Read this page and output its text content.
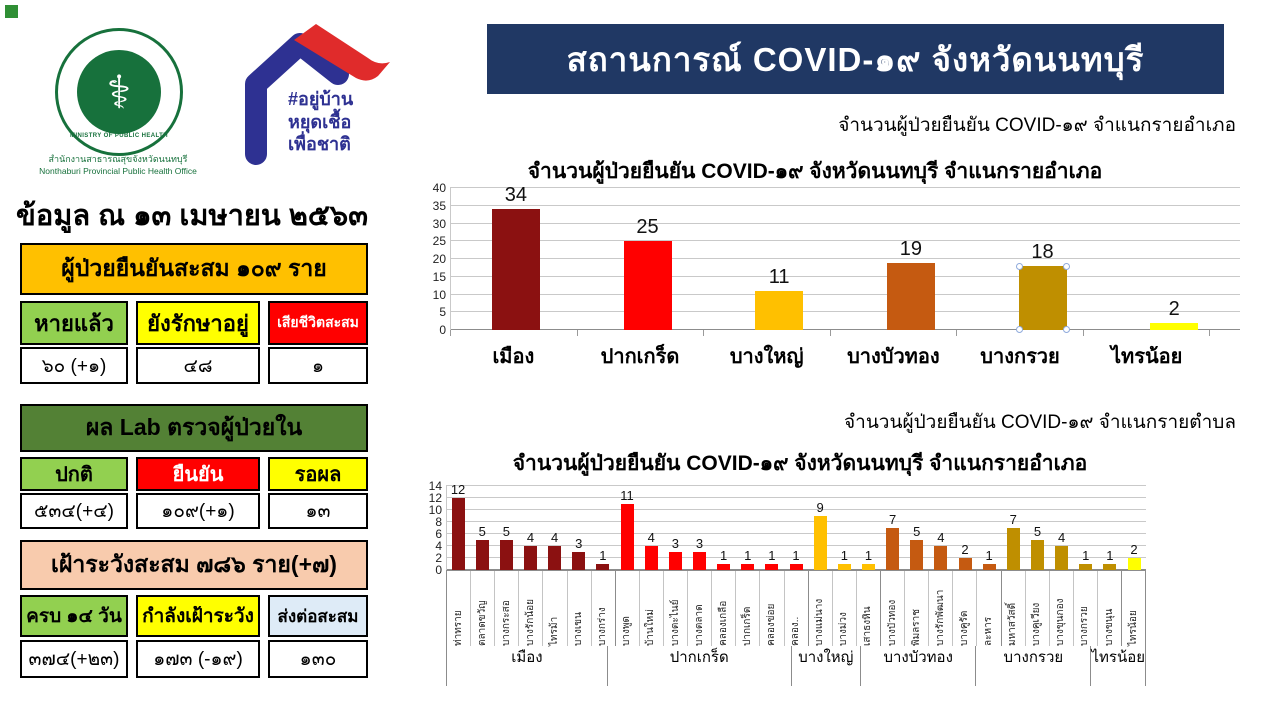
⚕
MINISTRY OF PUBLIC HEALTH
สำนักงานสาธารณสุขจังหวัดนนทบุรี
Nonthaburi Provincial Public Health Office
#อยู่บ้าน
หยุดเชื้อ
เพื่อชาติ
ข้อมูล ณ ๑๓ เมษายน ๒๕๖๓
ผู้ป่วยยืนยันสะสม ๑๐๙ ราย
หายแล้ว	ยังรักษาอยู่	เสียชีวิตสะสม
๖๐ (+๑)	๔๘	๑
ผล Lab ตรวจผู้ป่วยใน
ปกติ	ยืนยัน	รอผล
๕๓๔(+๔)	๑๐๙(+๑)	๑๓
เฝ้าระวังสะสม ๗๘๖ ราย(+๗)
ครบ ๑๔ วัน	กำลังเฝ้าระวัง	ส่งต่อสะสม
๓๗๔(+๒๓)	๑๗๓ (-๑๙)	๑๓๐
สถานการณ์ COVID-๑๙ จังหวัดนนทบุรี
จำนวนผู้ป่วยยืนยัน COVID-๑๙ จำแนกรายอำเภอ
จำนวนผู้ป่วยยืนยัน COVID-๑๙ จังหวัดนนทบุรี จำแนกรายอำเภอ
0
5
10
15
20
25
30
35
40	34
25
11
19	18
2
เมือง	ปากเกร็ด	บางใหญ่	บางบัวทอง	บางกรวย	ไทรน้อย
จำนวนผู้ป่วยยืนยัน COVID-๑๙ จำแนกรายตำบล
จำนวนผู้ป่วยยืนยัน COVID-๑๙ จังหวัดนนทบุรี จำแนกรายอำเภอ
0
2
4
6
8
10
12
14 12
5 5 4 4 3
1
11
4 3 3
1 1 1 1
9
1 1
7
5 4
2 1
7
5 4
1 1 2
ท่าทราย ตลาดขวัญ บางกระสอ บางรักน้อย ไทรม้า บางเขน บางกร่าง บางพูด บ้านใหม่ บางตะไนย์ บางตลาด คลองเกลือ ปากเกร็ด คลองข่อย คลอง.. บางแม่นาง บางม่วง เสาธงหิน บางบัวทอง พิมลราช บางรักพัฒนา บางคูรัด ละหาร มหาสวัสดิ์ บางคูเวียง บางขุนกอง บางกรวย บางขนุน ไทรน้อย
เมือง	ปากเกร็ด	บางใหญ่ บางบัวทอง	บางกรวย ไทรน้อย
